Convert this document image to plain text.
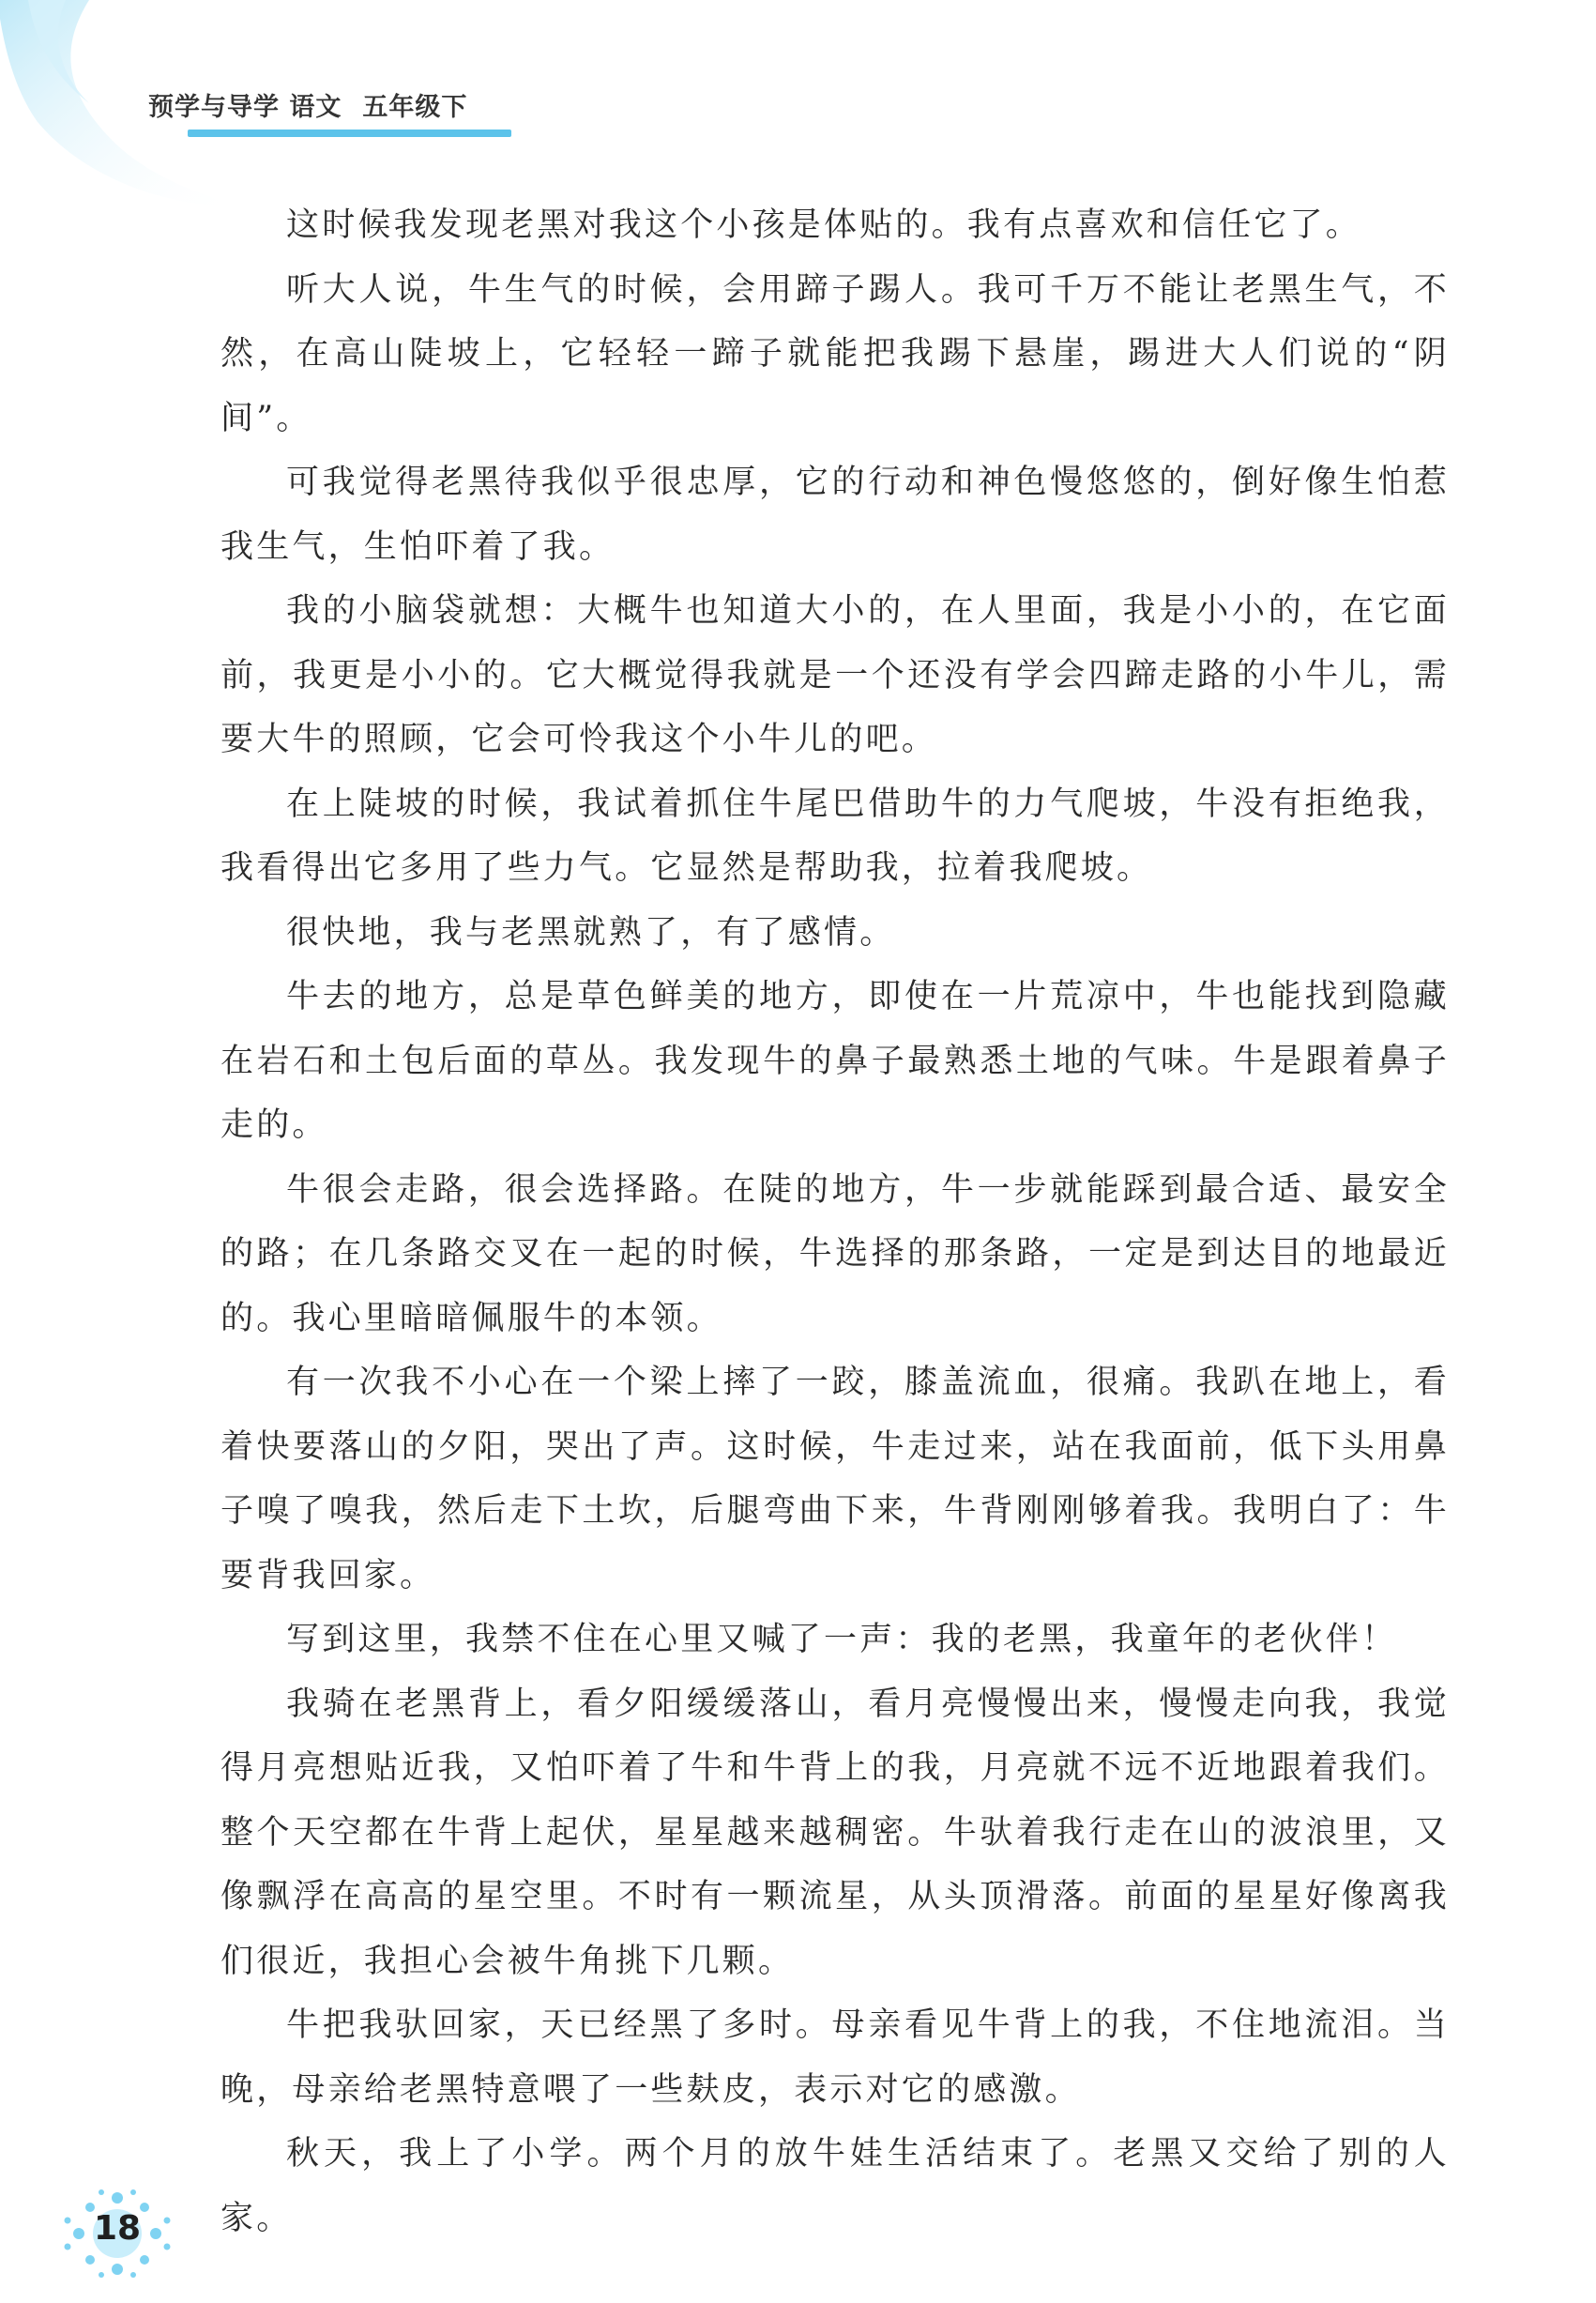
预学与导学 语文 五年级下

这时候我发现老黑对我这个小孩是体贴的。我有点喜欢和信任它了。

听大人说，牛生气的时候，会用蹄子踢人。我可千万不能让老黑生气，不然，在高山陡坡上，它轻轻一蹄子就能把我踢下悬崖，踢进大人们说的“阴间”。

可我觉得老黑待我似乎很忠厚，它的行动和神色慢悠悠的，倒好像生怕惹我生气，生怕吓着了我。

我的小脑袋就想：大概牛也知道大小的，在人里面，我是小小的，在它面前，我更是小小的。它大概觉得我就是一个还没有学会四蹄走路的小牛儿，需要大牛的照顾，它会可怜我这个小牛儿的吧。

在上陡坡的时候，我试着抓住牛尾巴借助牛的力气爬坡，牛没有拒绝我，我看得出它多用了些力气。它显然是帮助我，拉着我爬坡。

很快地，我与老黑就熟了，有了感情。

牛去的地方，总是草色鲜美的地方，即使在一片荒凉中，牛也能找到隐藏在岩石和土包后面的草丛。我发现牛的鼻子最熟悉土地的气味。牛是跟着鼻子走的。

牛很会走路，很会选择路。在陡的地方，牛一步就能踩到最合适、最安全的路；在几条路交叉在一起的时候，牛选择的那条路，一定是到达目的地最近的。我心里暗暗佩服牛的本领。

有一次我不小心在一个梁上摔了一跤，膝盖流血，很痛。我趴在地上，看着快要落山的夕阳，哭出了声。这时候，牛走过来，站在我面前，低下头用鼻子嗅了嗅我，然后走下土坎，后腿弯曲下来，牛背刚刚够着我。我明白了：牛要背我回家。

写到这里，我禁不住在心里又喊了一声：我的老黑，我童年的老伙伴！

我骑在老黑背上，看夕阳缓缓落山，看月亮慢慢出来，慢慢走向我，我觉得月亮想贴近我，又怕吓着了牛和牛背上的我，月亮就不远不近地跟着我们。整个天空都在牛背上起伏，星星越来越稠密。牛驮着我行走在山的波浪里，又像飘浮在高高的星空里。不时有一颗流星，从头顶滑落。前面的星星好像离我们很近，我担心会被牛角挑下几颗。

牛把我驮回家，天已经黑了多时。母亲看见牛背上的我，不住地流泪。当晚，母亲给老黑特意喂了一些麸皮，表示对它的感激。

秋天，我上了小学。两个月的放牛娃生活结束了。老黑又交给了别的人家。

18
